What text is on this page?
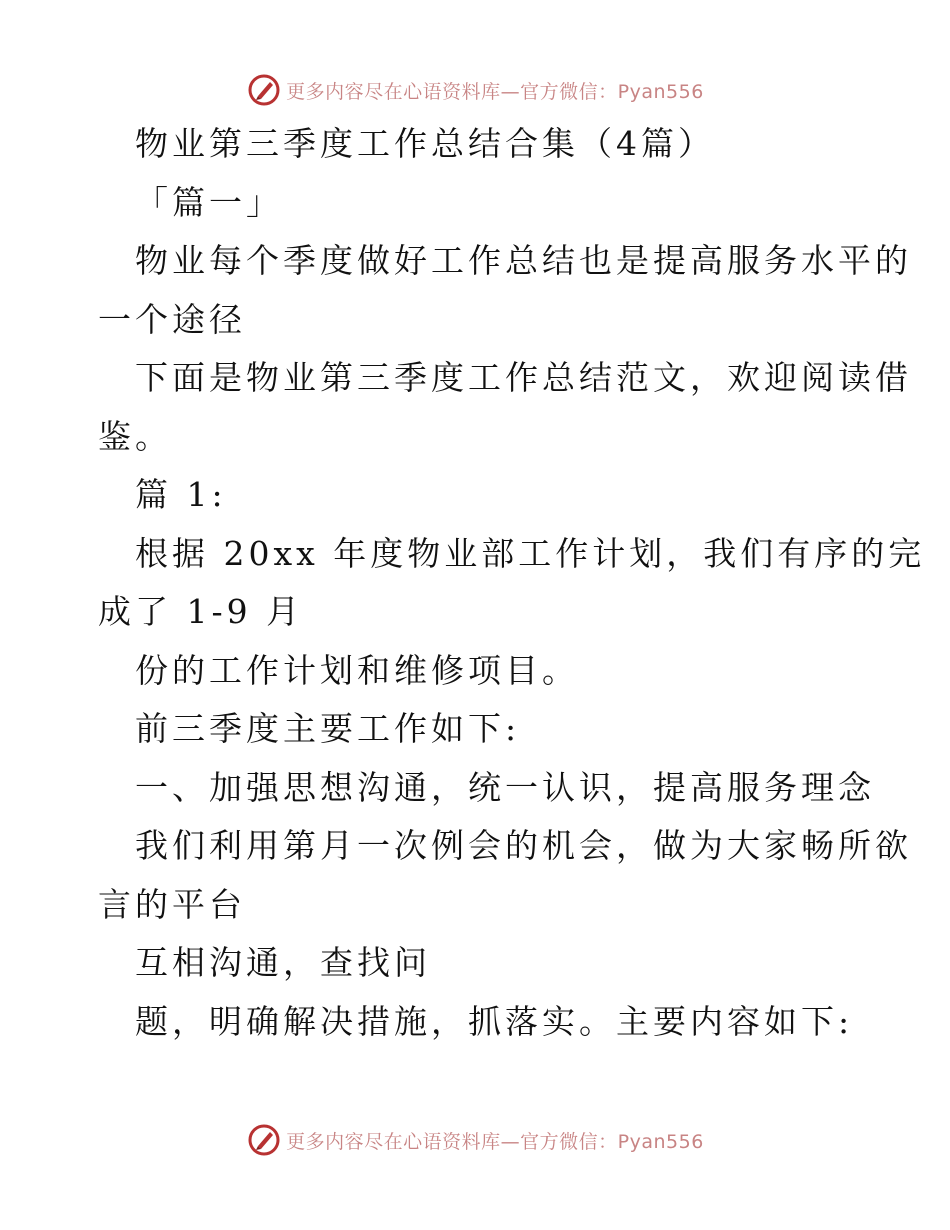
更多内容尽在心语资料库—官方微信：Pyan556
物业第三季度工作总结合集（4篇）
「篇一」
物业每个季度做好工作总结也是提高服务水平的
一个途径
下面是物业第三季度工作总结范文，欢迎阅读借
鉴。
篇 1:
根据 20xx 年度物业部工作计划，我们有序的完
成了 1-9 月
份的工作计划和维修项目。
前三季度主要工作如下:
一、加强思想沟通，统一认识，提高服务理念
我们利用第月一次例会的机会，做为大家畅所欲
言的平台
互相沟通，查找问
题，明确解决措施，抓落实。主要内容如下:
更多内容尽在心语资料库—官方微信：Pyan556
